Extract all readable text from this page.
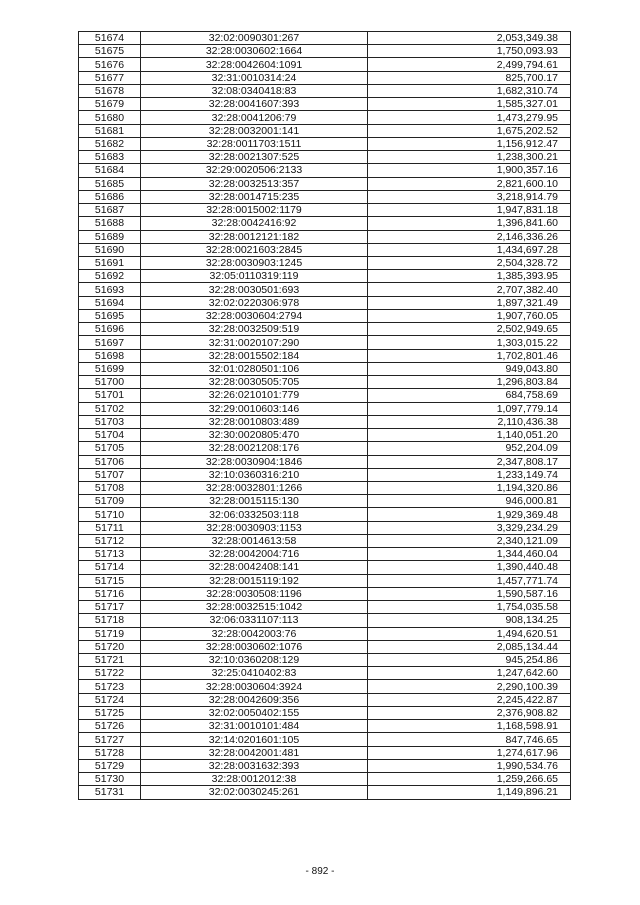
51674	32:02:0090301:267	2,053,349.38
51675	32:28:0030602:1664	1,750,093.93
51676	32:28:0042604:1091	2,499,794.61
51677	32:31:0010314:24	825,700.17
51678	32:08:0340418:83	1,682,310.74
51679	32:28:0041607:393	1,585,327.01
51680	32:28:0041206:79	1,473,279.95
51681	32:28:0032001:141	1,675,202.52
51682	32:28:0011703:1511	1,156,912.47
51683	32:28:0021307:525	1,238,300.21
51684	32:29:0020506:2133	1,900,357.16
51685	32:28:0032513:357	2,821,600.10
51686	32:28:0014715:235	3,218,914.79
51687	32:28:0015002:1179	1,947,831.18
51688	32:28:0042416:92	1,396,841.60
51689	32:28:0012121:182	2,146,336.26
51690	32:28:0021603:2845	1,434,697.28
51691	32:28:0030903:1245	2,504,328.72
51692	32:05:0110319:119	1,385,393.95
51693	32:28:0030501:693	2,707,382.40
51694	32:02:0220306:978	1,897,321.49
51695	32:28:0030604:2794	1,907,760.05
51696	32:28:0032509:519	2,502,949.65
51697	32:31:0020107:290	1,303,015.22
51698	32:28:0015502:184	1,702,801.46
51699	32:01:0280501:106	949,043.80
51700	32:28:0030505:705	1,296,803.84
51701	32:26:0210101:779	684,758.69
51702	32:29:0010603:146	1,097,779.14
51703	32:28:0010803:489	2,110,436.38
51704	32:30:0020805:470	1,140,051.20
51705	32:28:0021208:176	952,204.09
51706	32:28:0030904:1846	2,347,808.17
51707	32:10:0360316:210	1,233,149.74
51708	32:28:0032801:1266	1,194,320.86
51709	32:28:0015115:130	946,000.81
51710	32:06:0332503:118	1,929,369.48
51711	32:28:0030903:1153	3,329,234.29
51712	32:28:0014613:58	2,340,121.09
51713	32:28:0042004:716	1,344,460.04
51714	32:28:0042408:141	1,390,440.48
51715	32:28:0015119:192	1,457,771.74
51716	32:28:0030508:1196	1,590,587.16
51717	32:28:0032515:1042	1,754,035.58
51718	32:06:0331107:113	908,134.25
51719	32:28:0042003:76	1,494,620.51
51720	32:28:0030602:1076	2,085,134.44
51721	32:10:0360208:129	945,254.86
51722	32:25:0410402:83	1,247,642.60
51723	32:28:0030604:3924	2,290,100.39
51724	32:28:0042609:356	2,245,422.87
51725	32:02:0050402:155	2,376,908.82
51726	32:31:0010101:484	1,168,598.91
51727	32:14:0201601:105	847,746.65
51728	32:28:0042001:481	1,274,617.96
51729	32:28:0031632:393	1,990,534.76
51730	32:28:0012012:38	1,259,266.65
51731	32:02:0030245:261	1,149,896.21
- 892 -
